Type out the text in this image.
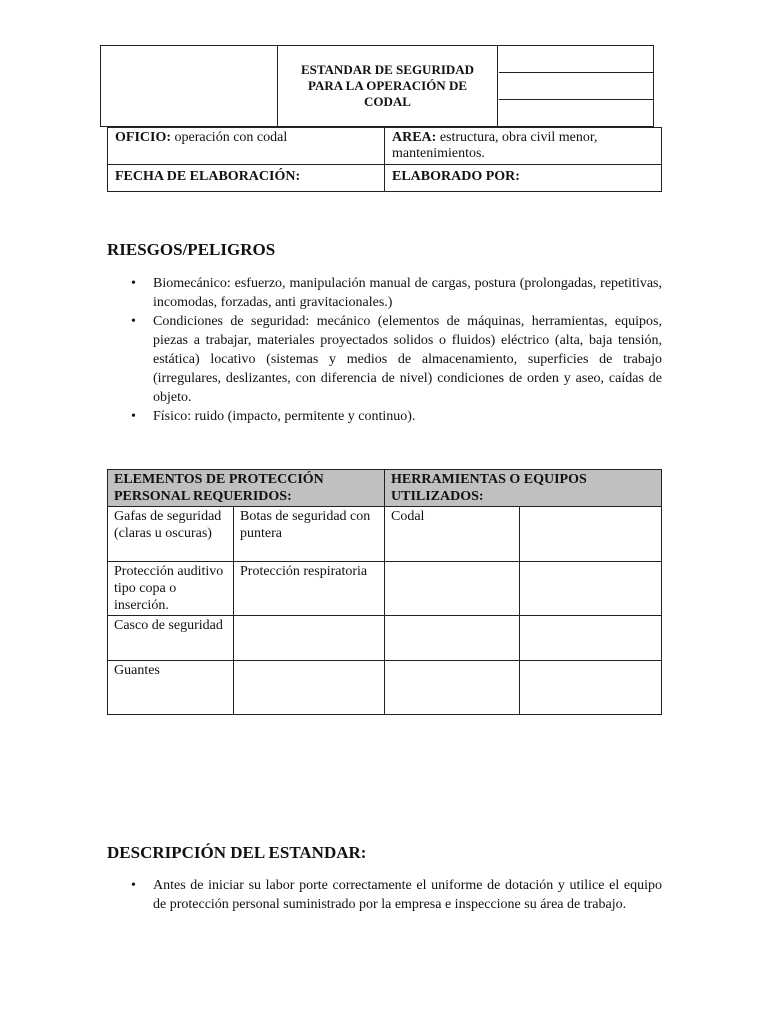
ESTANDAR DE SEGURIDAD PARA LA OPERACIÓN DE CODAL
OFICIO: operación con codal	AREA: estructura, obra civil menor, mantenimientos.
FECHA DE ELABORACIÓN:	ELABORADO POR:
RIESGOS/PELIGROS
• Biomecánico: esfuerzo, manipulación manual de cargas, postura (prolongadas, repetitivas, incomodas, forzadas, anti gravitacionales.)
• Condiciones de seguridad: mecánico (elementos de máquinas, herramientas, equipos, piezas a trabajar, materiales proyectados solidos o fluidos) eléctrico (alta, baja tensión, estática) locativo (sistemas y medios de almacenamiento, superficies de trabajo (irregulares, deslizantes, con diferencia de nivel) condiciones de orden y aseo, caídas de objeto.
• Físico: ruido (impacto, permitente y continuo).
ELEMENTOS DE PROTECCIÓN PERSONAL REQUERIDOS:		HERRAMIENTAS O EQUIPOS UTILIZADOS:	
Gafas de seguridad (claras u oscuras)	Botas de seguridad con puntera	Codal	
Protección auditivo tipo copa o inserción.	Protección respiratoria		
Casco de seguridad			
Guantes			
DESCRIPCIÓN DEL ESTANDAR:
• Antes de iniciar su labor porte correctamente el uniforme de dotación y utilice el equipo de protección personal suministrado por la empresa e inspeccione su área de trabajo.
